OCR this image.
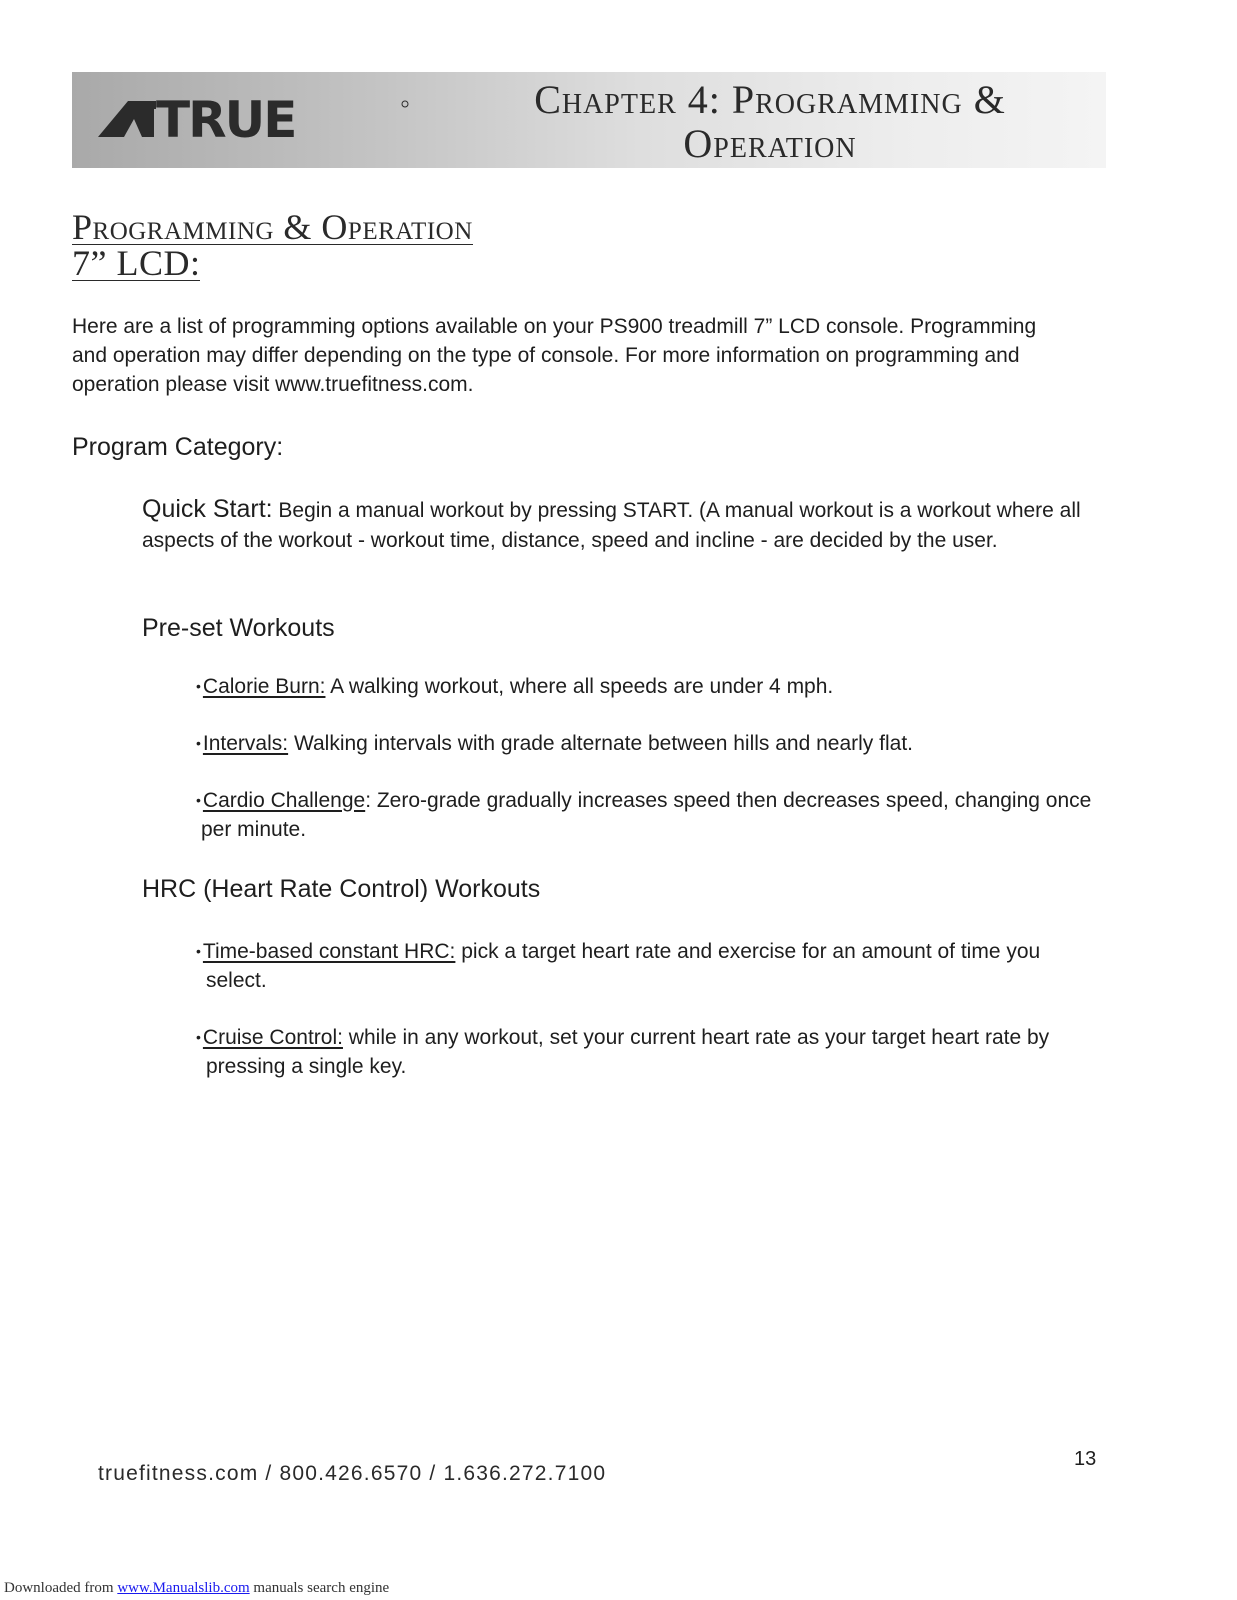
TRUE	Chapter 4: Programming &
Operation
Programming & Operation
7” LCD:
Here are a list of programming options available on your PS900 treadmill 7” LCD console. Programming
and operation may differ depending on the type of console. For more information on programming and
operation please visit www.truefitness.com.
Program Category:
Quick Start: Begin a manual workout by pressing START. (A manual workout is a workout where all
aspects of the workout - workout time, distance, speed and incline - are decided by the user.
Pre-set Workouts
•Calorie Burn: A walking workout, where all speeds are under 4 mph.
•Intervals: Walking intervals with grade alternate between hills and nearly flat.
•Cardio Challenge: Zero-grade gradually increases speed then decreases speed, changing once
per minute.
HRC (Heart Rate Control) Workouts
•Time-based constant HRC: pick a target heart rate and exercise for an amount of time you
select.
•Cruise Control: while in any workout, set your current heart rate as your target heart rate by
pressing a single key.
13
truefitness.com / 800.426.6570 / 1.636.272.7100
Downloaded from www.Manualslib.com manuals search engine
